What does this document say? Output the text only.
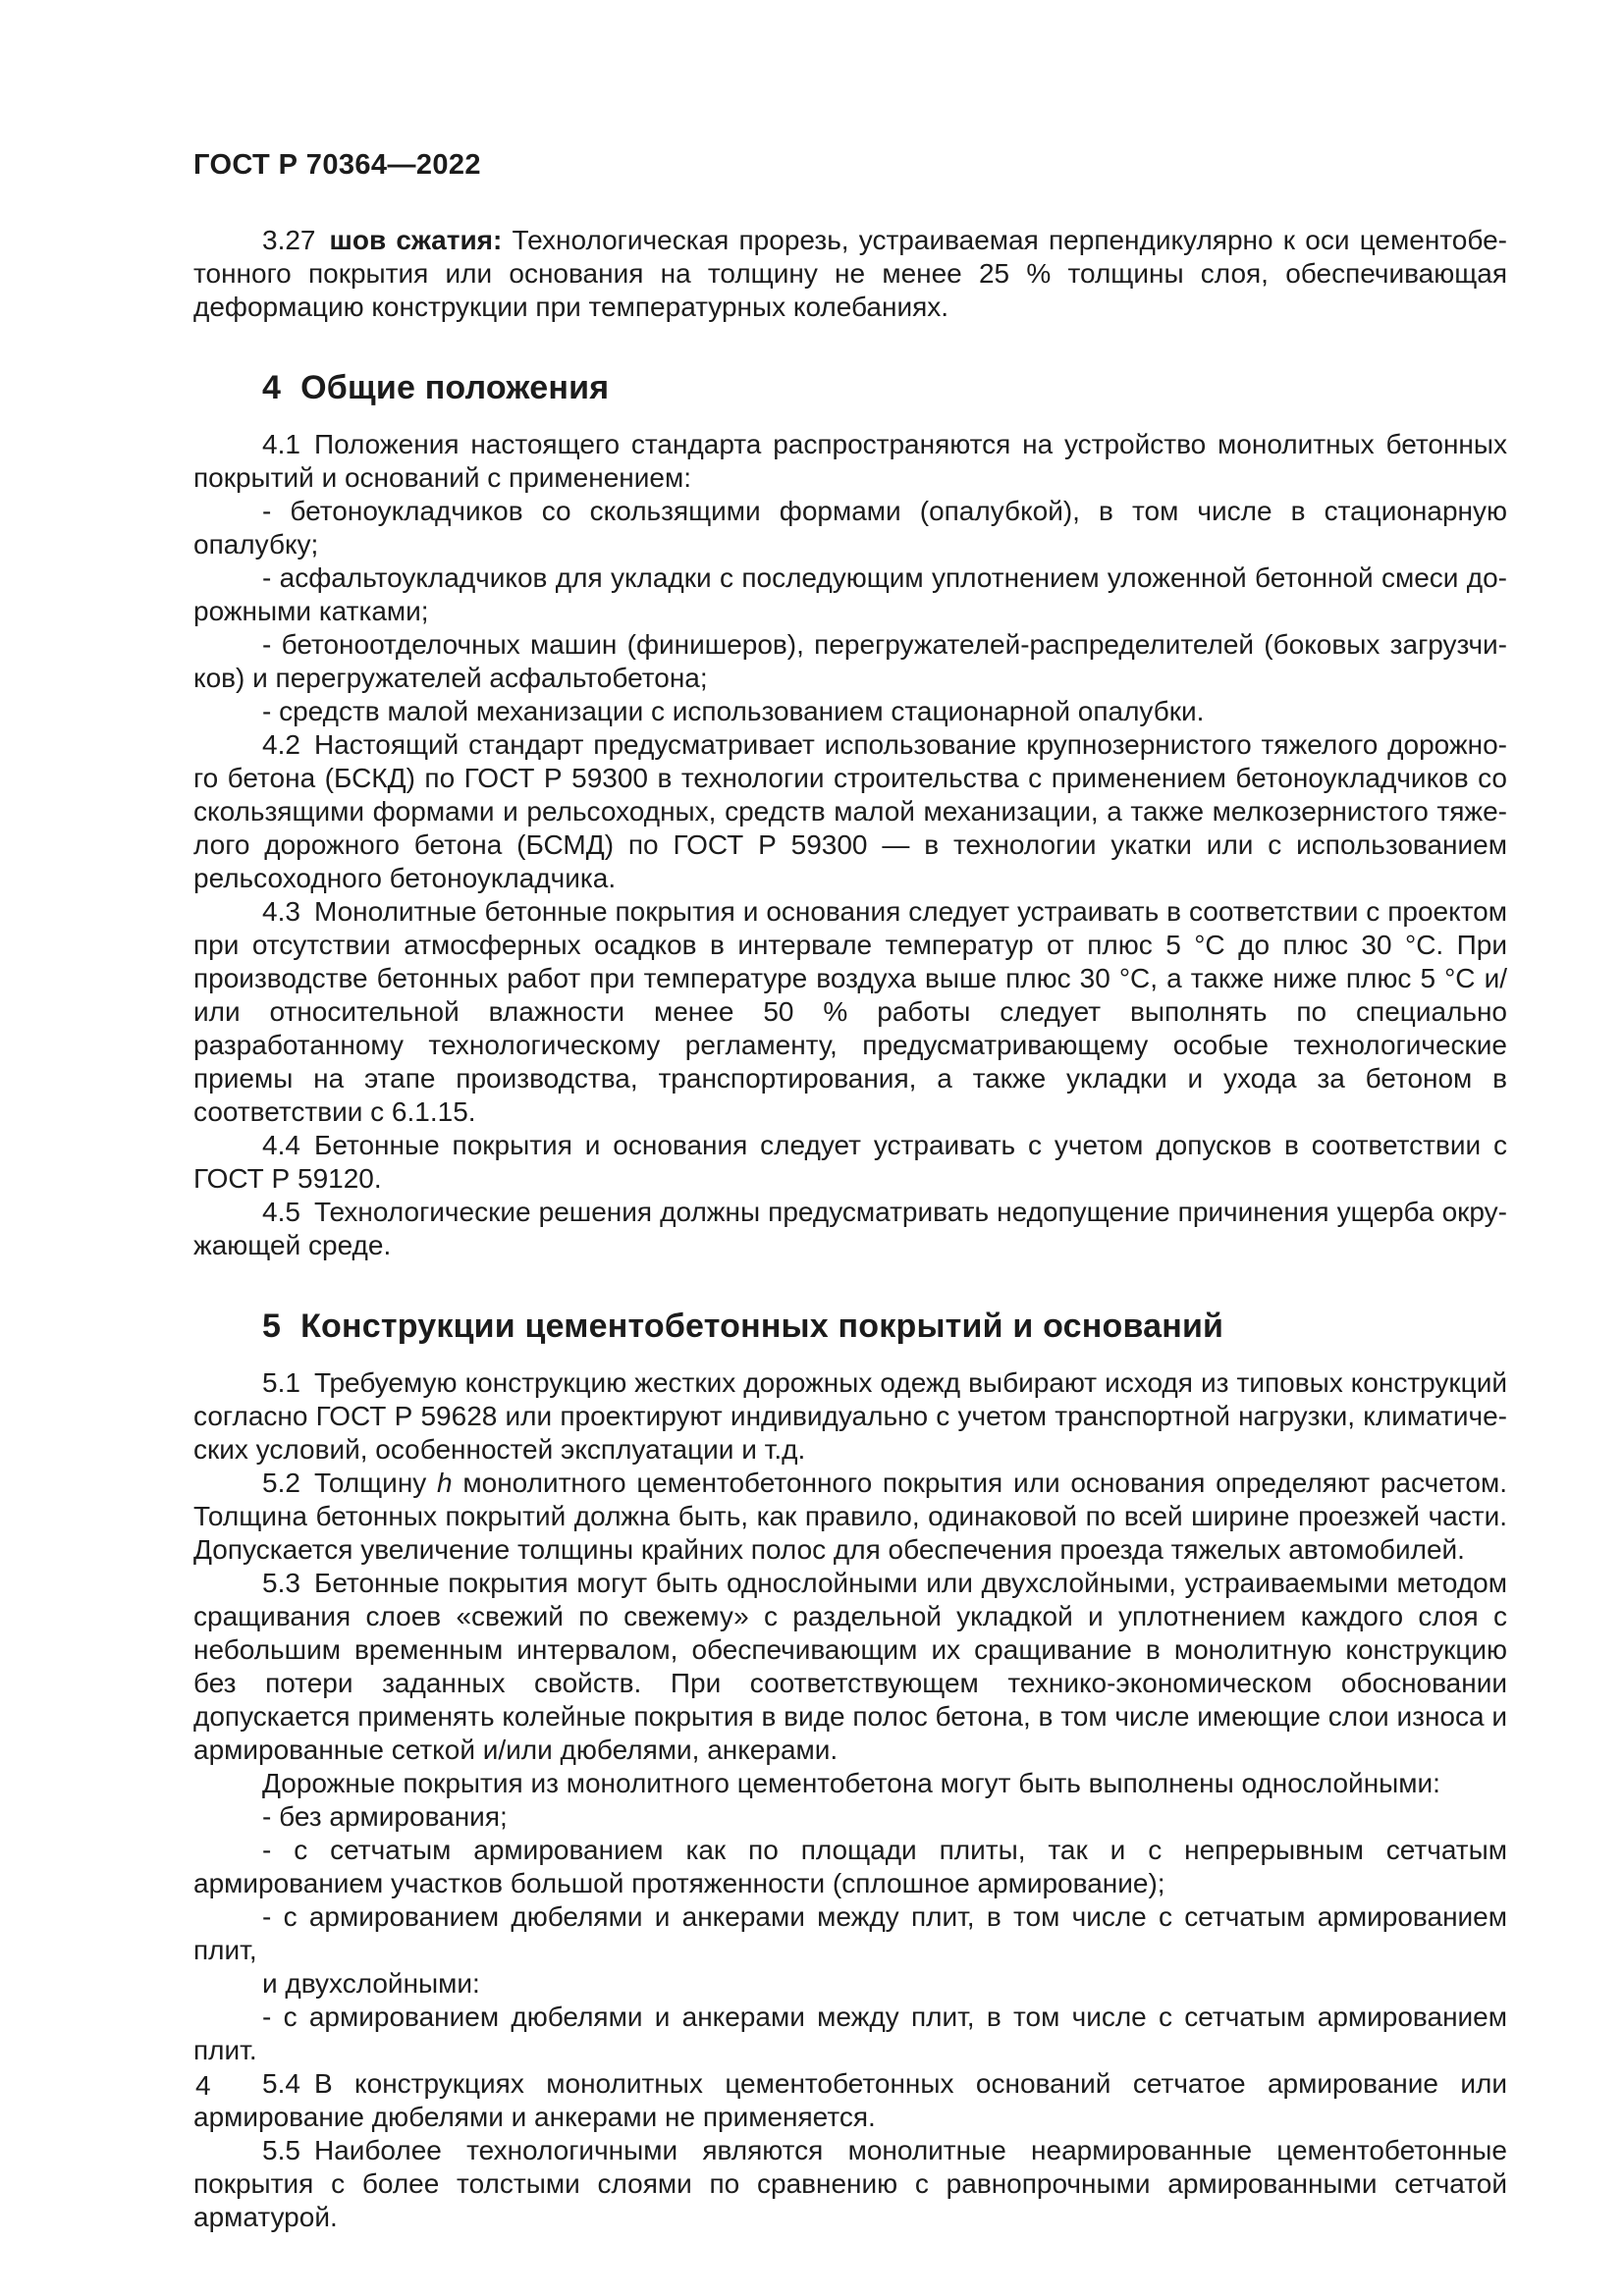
ГОСТ Р 70364—2022

3.27 шов сжатия: Технологическая прорезь, устраиваемая перпендикулярно к оси цементобетонного покрытия или основания на толщину не менее 25 % толщины слоя, обеспечивающая деформацию конструкции при температурных колебаниях.

4 Общие положения

4.1 Положения настоящего стандарта распространяются на устройство монолитных бетонных покрытий и оснований с применением:

- бетоноукладчиков со скользящими формами (опалубкой), в том числе в стационарную опалубку;

- асфальтоукладчиков для укладки с последующим уплотнением уложенной бетонной смеси дорожными катками;

- бетоноотделочных машин (финишеров), перегружателей-распределителей (боковых загрузчиков) и перегружателей асфальтобетона;

- средств малой механизации с использованием стационарной опалубки.

4.2 Настоящий стандарт предусматривает использование крупнозернистого тяжелого дорожного бетона (БСКД) по ГОСТ Р 59300 в технологии строительства с применением бетоноукладчиков со скользящими формами и рельсоходных, средств малой механизации, а также мелкозернистого тяжелого дорожного бетона (БСМД) по ГОСТ Р 59300 — в технологии укатки или с использованием рельсоходного бетоноукладчика.

4.3 Монолитные бетонные покрытия и основания следует устраивать в соответствии с проектом при отсутствии атмосферных осадков в интервале температур от плюс 5 °С до плюс 30 °С. При производстве бетонных работ при температуре воздуха выше плюс 30 °С, а также ниже плюс 5 °С и/или относительной влажности менее 50 % работы следует выполнять по специально разработанному технологическому регламенту, предусматривающему особые технологические приемы на этапе производства, транспортирования, а также укладки и ухода за бетоном в соответствии с 6.1.15.

4.4 Бетонные покрытия и основания следует устраивать с учетом допусков в соответствии с ГОСТ Р 59120.

4.5 Технологические решения должны предусматривать недопущение причинения ущерба окружающей среде.

5 Конструкции цементобетонных покрытий и оснований

5.1 Требуемую конструкцию жестких дорожных одежд выбирают исходя из типовых конструкций согласно ГОСТ Р 59628 или проектируют индивидуально с учетом транспортной нагрузки, климатических условий, особенностей эксплуатации и т.д.

5.2 Толщину h монолитного цементобетонного покрытия или основания определяют расчетом. Толщина бетонных покрытий должна быть, как правило, одинаковой по всей ширине проезжей части. Допускается увеличение толщины крайних полос для обеспечения проезда тяжелых автомобилей.

5.3 Бетонные покрытия могут быть однослойными или двухслойными, устраиваемыми методом сращивания слоев «свежий по свежему» с раздельной укладкой и уплотнением каждого слоя с небольшим временным интервалом, обеспечивающим их сращивание в монолитную конструкцию без потери заданных свойств. При соответствующем технико-экономическом обосновании допускается применять колейные покрытия в виде полос бетона, в том числе имеющие слои износа и армированные сеткой и/или дюбелями, анкерами.

Дорожные покрытия из монолитного цементобетона могут быть выполнены однослойными:

- без армирования;

- с сетчатым армированием как по площади плиты, так и с непрерывным сетчатым армированием участков большой протяженности (сплошное армирование);

- с армированием дюбелями и анкерами между плит, в том числе с сетчатым армированием плит,

и двухслойными:

- с армированием дюбелями и анкерами между плит, в том числе с сетчатым армированием плит.

5.4 В конструкциях монолитных цементобетонных оснований сетчатое армирование или армирование дюбелями и анкерами не применяется.

5.5 Наиболее технологичными являются монолитные неармированные цементобетонные покрытия с более толстыми слоями по сравнению с равнопрочными армированными сетчатой арматурой.

4
